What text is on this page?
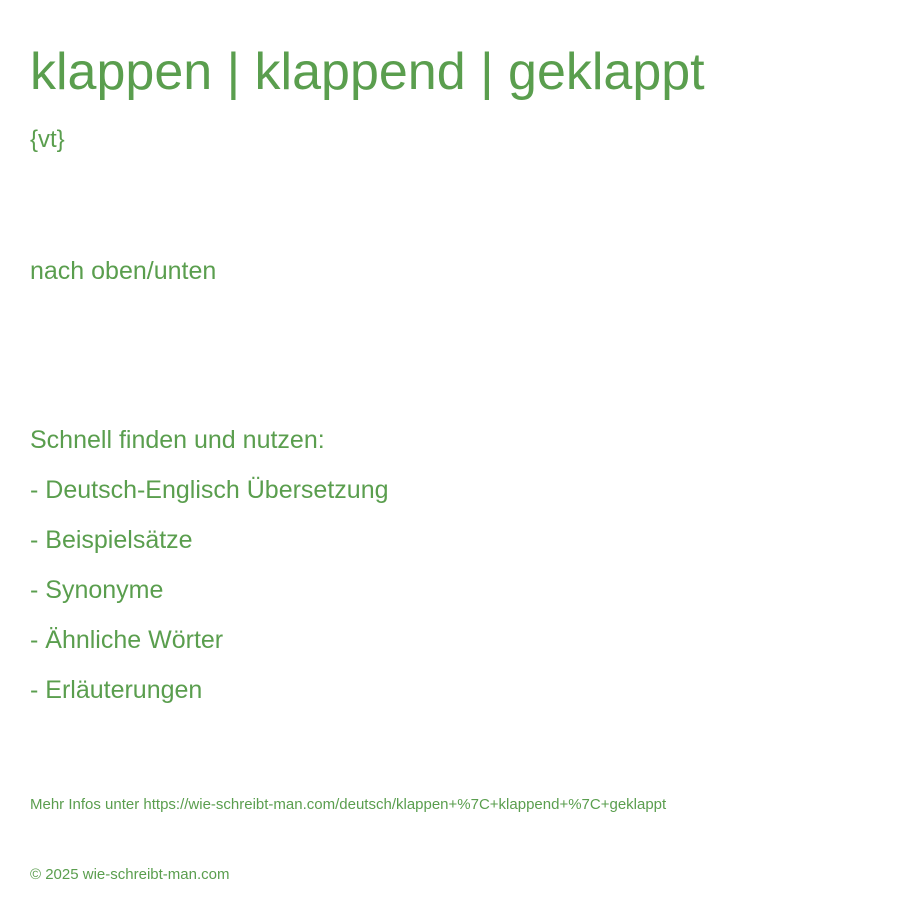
klappen | klappend | geklappt
{vt}
nach oben/unten
Schnell finden und nutzen:
- Deutsch-Englisch Übersetzung
- Beispielsätze
- Synonyme
- Ähnliche Wörter
- Erläuterungen
Mehr Infos unter https://wie-schreibt-man.com/deutsch/klappen+%7C+klappend+%7C+geklappt
© 2025 wie-schreibt-man.com
